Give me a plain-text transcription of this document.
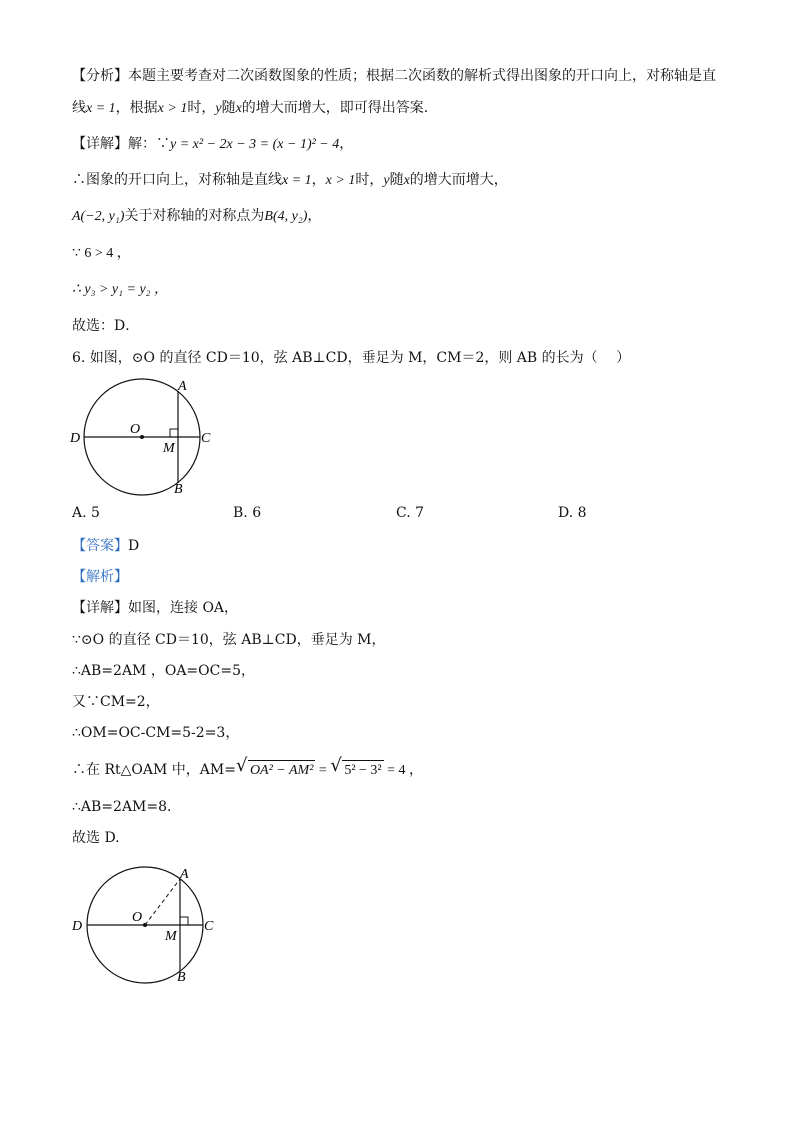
【分析】本题主要考查对二次函数图象的性质；根据二次函数的解析式得出图象的开口向上，对称轴是直
线x = 1，根据x > 1时，y随x的增大而增大，即可得出答案．
【详解】解：∵y = x² − 2x − 3 = (x − 1)² − 4，
∴图象的开口向上，对称轴是直线x = 1，x > 1时，y随x的增大而增大，
A(−2, y₁)关于对称轴的对称点为B(4, y₂)，
∵ 6 > 4 ，
∴ y₃ > y₁ = y₂ ，
故选：D．
6. 如图，⊙O 的直径 CD＝10，弦 AB⊥CD，垂足为 M，CM＝2，则 AB 的长为（　 ）
D	C
A
B
O
M
A. 5	B. 6	C. 7	D. 8
【答案】D
【解析】
【详解】如图，连接 OA，
∵⊙O 的直径 CD＝10，弦 AB⊥CD，垂足为 M，
∴AB=2AM ，OA=OC=5，
又∵CM=2，
∴OM=OC-CM=5-2=3，
∴在 Rt△OAM 中，AM= √ OA² − AM² = √ 5² − 3² = 4 ，
∴AB=2AM=8.
故选 D.
D	C
A
B
O
M
